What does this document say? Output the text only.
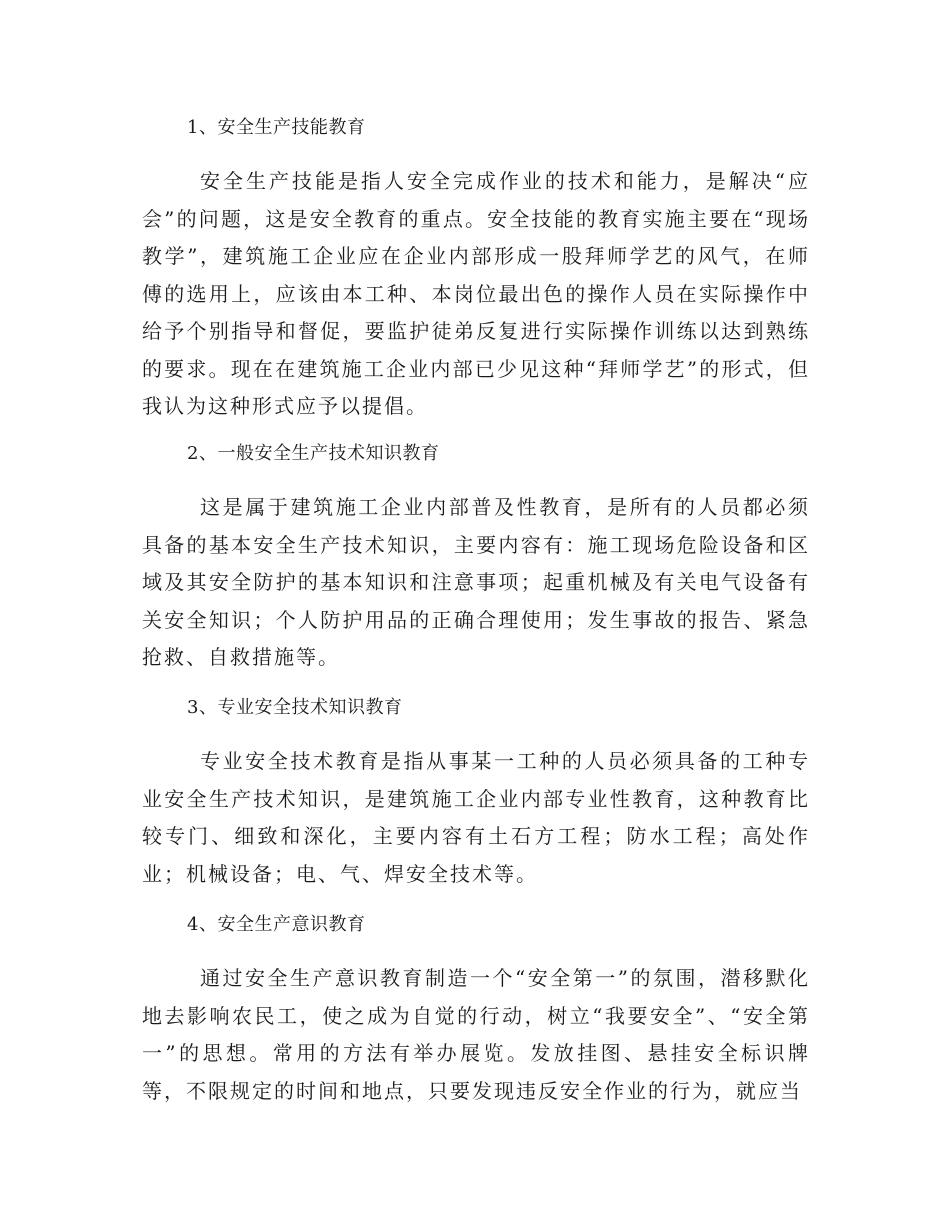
1、安全生产技能教育
安全生产技能是指人安全完成作业的技术和能力，是解决“应会”的问题，这是安全教育的重点。安全技能的教育实施主要在“现场教学”，建筑施工企业应在企业内部形成一股拜师学艺的风气，在师傅的选用上，应该由本工种、本岗位最出色的操作人员在实际操作中给予个别指导和督促，要监护徒弟反复进行实际操作训练以达到熟练的要求。现在在建筑施工企业内部已少见这种“拜师学艺”的形式，但我认为这种形式应予以提倡。
2、一般安全生产技术知识教育
这是属于建筑施工企业内部普及性教育，是所有的人员都必须具备的基本安全生产技术知识，主要内容有：施工现场危险设备和区域及其安全防护的基本知识和注意事项；起重机械及有关电气设备有关安全知识；个人防护用品的正确合理使用；发生事故的报告、紧急抢救、自救措施等。
3、专业安全技术知识教育
专业安全技术教育是指从事某一工种的人员必须具备的工种专业安全生产技术知识，是建筑施工企业内部专业性教育，这种教育比较专门、细致和深化，主要内容有土石方工程；防水工程；高处作业；机械设备；电、气、焊安全技术等。
4、安全生产意识教育
通过安全生产意识教育制造一个“安全第一”的氛围，潜移默化地去影响农民工，使之成为自觉的行动，树立“我要安全”、“安全第一”的思想。常用的方法有举办展览。发放挂图、悬挂安全标识牌等，不限规定的时间和地点，只要发现违反安全作业的行为，就应当
